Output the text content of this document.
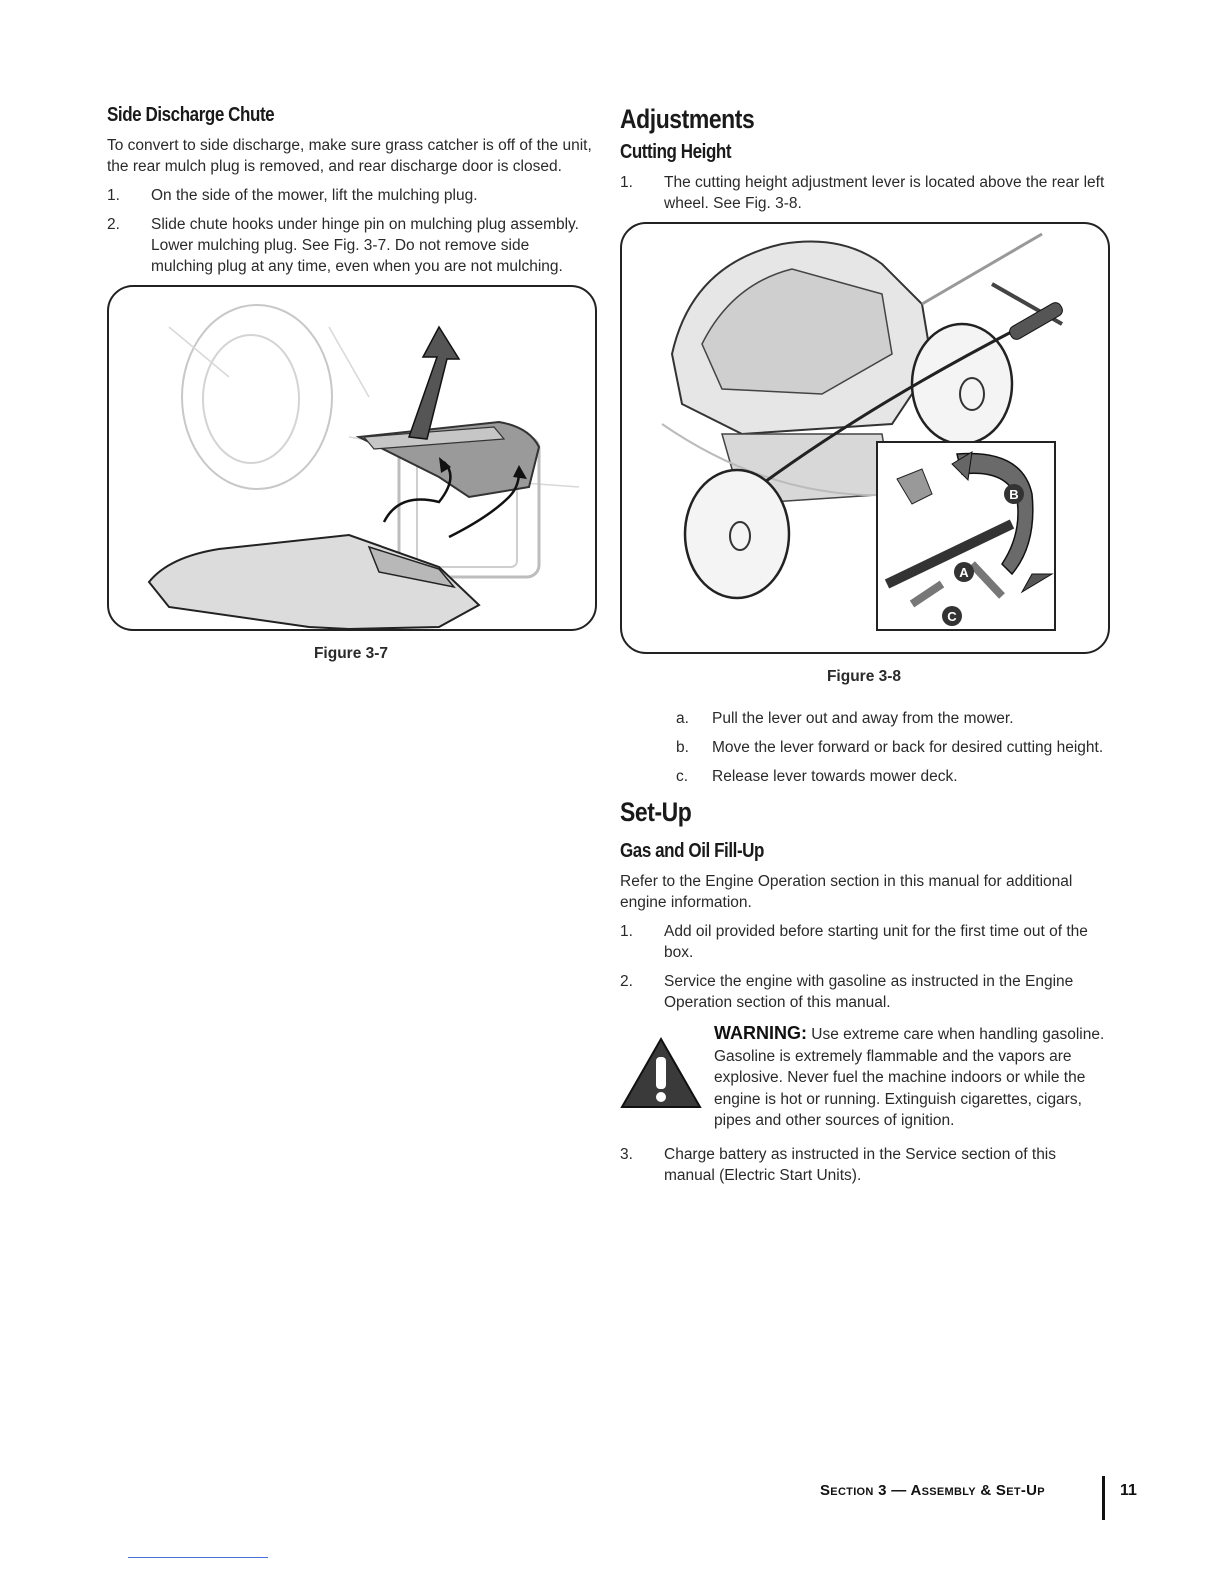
Side Discharge Chute

To convert to side discharge, make sure grass catcher is off of the unit, the rear mulch plug is removed, and rear discharge door is closed.

1. On the side of the mower, lift the mulching plug.
2. Slide chute hooks under hinge pin on mulching plug assembly. Lower mulching plug. See Fig. 3-7. Do not remove side mulching plug at any time, even when you are not mulching.
Figure 3-7
Adjustments
Cutting Height
1. The cutting height adjustment lever is located above the rear left wheel. See Fig. 3-8.
B
A
C
Figure 3-8
a. Pull the lever out and away from the mower.
b. Move the lever forward or back for desired cutting height.
c. Release lever towards mower deck.
Set-Up
Gas and Oil Fill-Up

Refer to the Engine Operation section in this manual for additional engine information.

1. Add oil provided before starting unit for the first time out of the box.
2. Service the engine with gasoline as instructed in the Engine Operation section of this manual.

WARNING: Use extreme care when handling gasoline. Gasoline is extremely flammable and the vapors are explosive. Never fuel the machine indoors or while the engine is hot or running. Extinguish cigarettes, cigars, pipes and other sources of ignition.

3. Charge battery as instructed in the Service section of this manual (Electric Start Units).
Section 3 — Assembly & Set-Up	11
